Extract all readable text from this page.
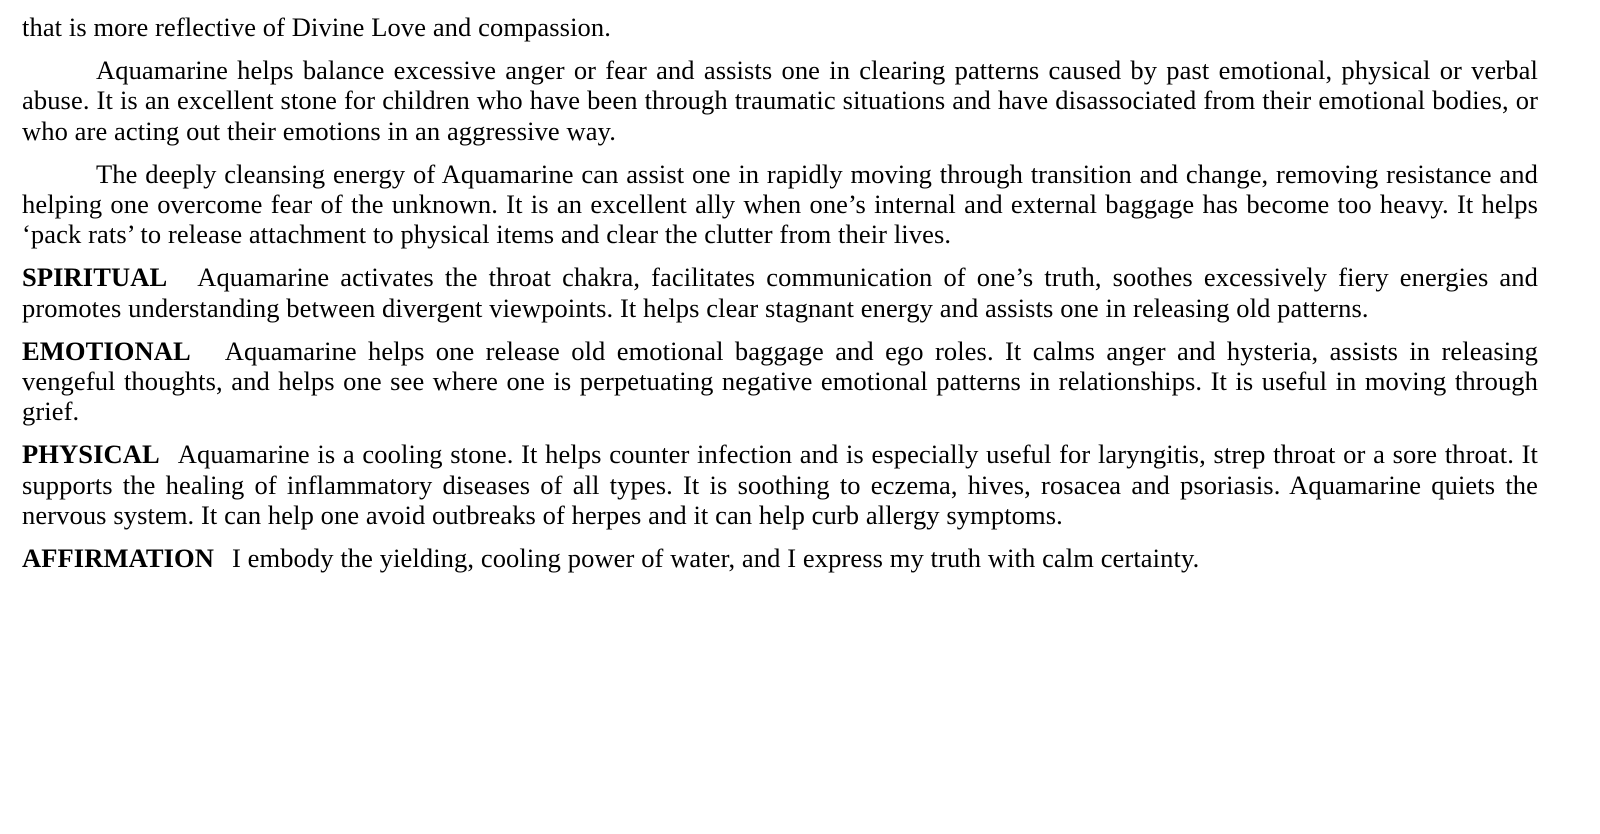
that is more reflective of Divine Love and compassion.

Aquamarine helps balance excessive anger or fear and assists one in clearing patterns caused by past emotional, physical or verbal abuse. It is an excellent stone for children who have been through traumatic situations and have disassociated from their emotional bodies, or who are acting out their emotions in an aggressive way.

The deeply cleansing energy of Aquamarine can assist one in rapidly moving through transition and change, removing resistance and helping one overcome fear of the unknown. It is an excellent ally when one’s internal and external baggage has become too heavy. It helps ‘pack rats’ to release attachment to physical items and clear the clutter from their lives.

SPIRITUAL Aquamarine activates the throat chakra, facilitates communication of one’s truth, soothes excessively fiery energies and promotes understanding between divergent viewpoints. It helps clear stagnant energy and assists one in releasing old patterns.

EMOTIONAL Aquamarine helps one release old emotional baggage and ego roles. It calms anger and hysteria, assists in releasing vengeful thoughts, and helps one see where one is perpetuating negative emotional patterns in relationships. It is useful in moving through grief.

PHYSICAL Aquamarine is a cooling stone. It helps counter infection and is especially useful for laryngitis, strep throat or a sore throat. It supports the healing of inflammatory diseases of all types. It is soothing to eczema, hives, rosacea and psoriasis. Aquamarine quiets the nervous system. It can help one avoid outbreaks of herpes and it can help curb allergy symptoms.

AFFIRMATION I embody the yielding, cooling power of water, and I express my truth with calm certainty.
